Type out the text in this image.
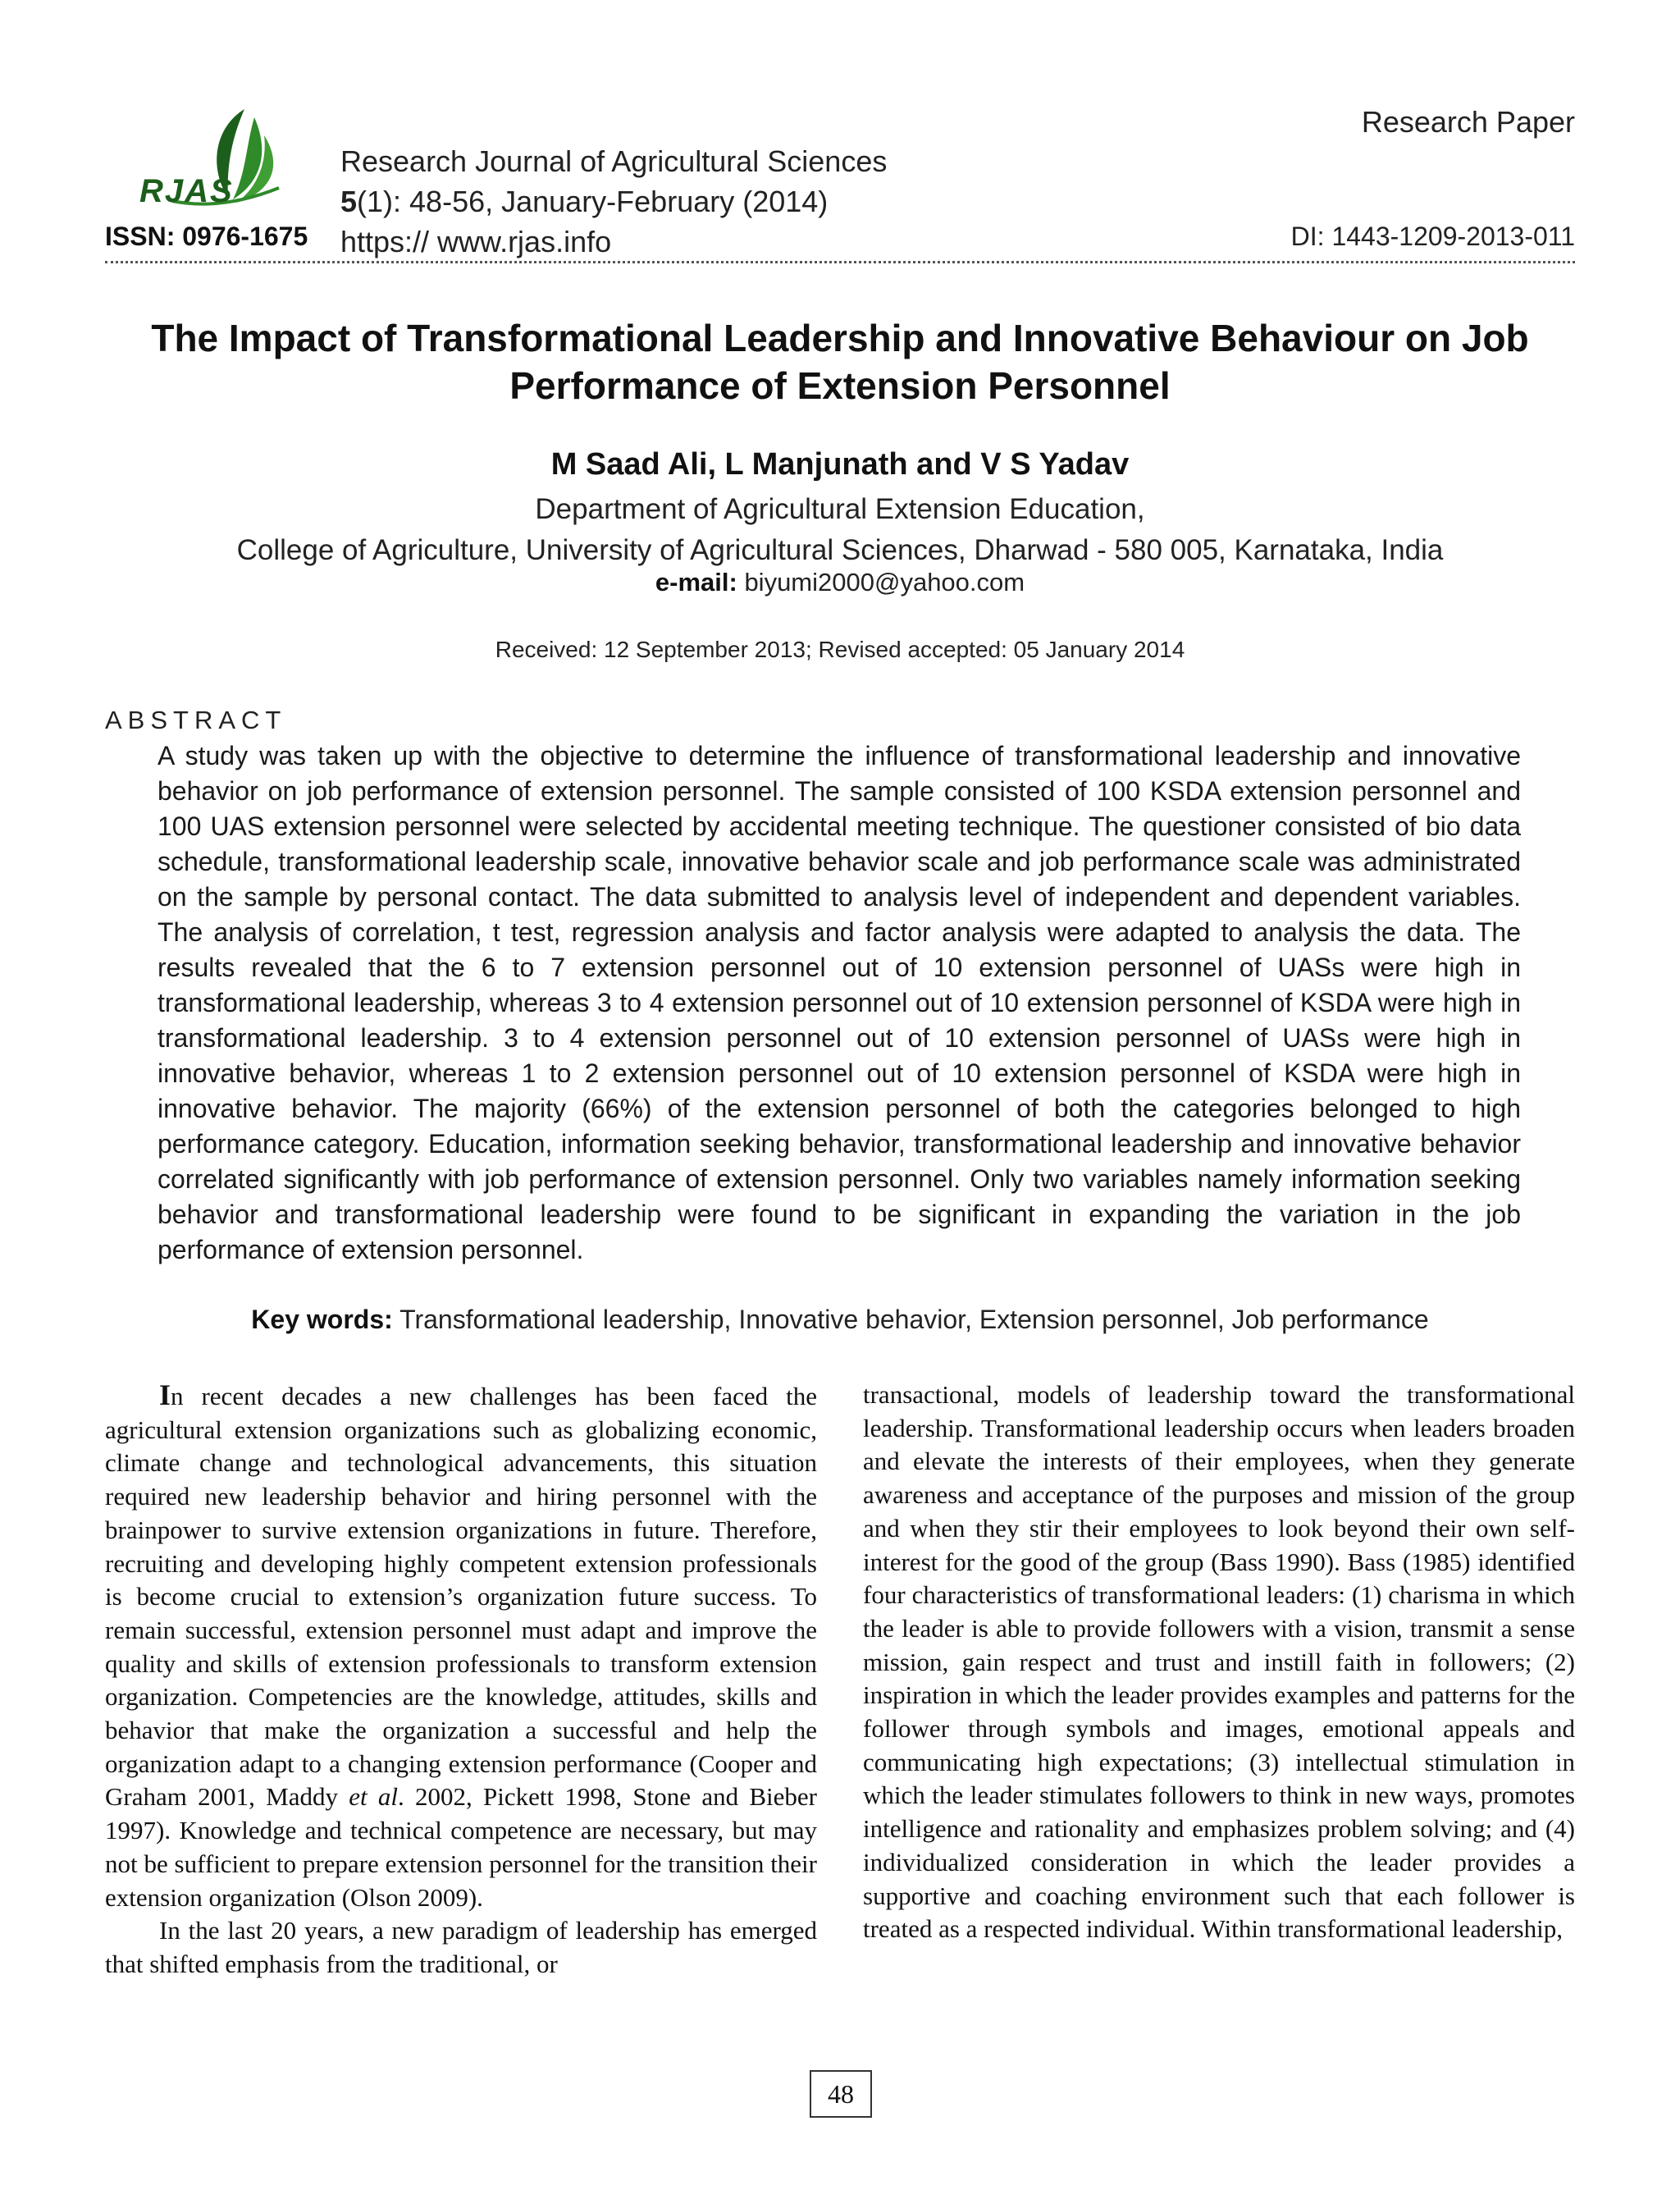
RJAS
Research Paper
Research Journal of Agricultural Sciences
5(1): 48-56, January-February (2014)
https:// www.rjas.info
ISSN: 0976-1675	DI: 1443-1209-2013-011
The Impact of Transformational Leadership and Innovative Behaviour on Job Performance of Extension Personnel
M Saad Ali, L Manjunath and V S Yadav
Department of Agricultural Extension Education,
College of Agriculture, University of Agricultural Sciences, Dharwad - 580 005, Karnataka, India
e-mail: biyumi2000@yahoo.com
Received: 12 September 2013; Revised accepted: 05 January 2014
ABSTRACT
A study was taken up with the objective to determine the influence of transformational leadership and innovative behavior on job performance of extension personnel. The sample consisted of 100 KSDA extension personnel and 100 UAS extension personnel were selected by accidental meeting technique. The questioner consisted of bio data schedule, transformational leadership scale, innovative behavior scale and job performance scale was administrated on the sample by personal contact. The data submitted to analysis level of independent and dependent variables. The analysis of correlation, t test, regression analysis and factor analysis were adapted to analysis the data. The results revealed that the 6 to 7 extension personnel out of 10 extension personnel of UASs were high in transformational leadership, whereas 3 to 4 extension personnel out of 10 extension personnel of KSDA were high in transformational leadership. 3 to 4 extension personnel out of 10 extension personnel of UASs were high in innovative behavior, whereas 1 to 2 extension personnel out of 10 extension personnel of KSDA were high in innovative behavior. The majority (66%) of the extension personnel of both the categories belonged to high performance category. Education, information seeking behavior, transformational leadership and innovative behavior correlated significantly with job performance of extension personnel. Only two variables namely information seeking behavior and transformational leadership were found to be significant in expanding the variation in the job performance of extension personnel.
Key words: Transformational leadership, Innovative behavior, Extension personnel, Job performance

In recent decades a new challenges has been faced the agricultural extension organizations such as globalizing economic, climate change and technological advancements, this situation required new leadership behavior and hiring personnel with the brainpower to survive extension organizations in future. Therefore, recruiting and developing highly competent extension professionals is become crucial to extension’s organization future success. To remain successful, extension personnel must adapt and improve the quality and skills of extension professionals to transform extension organization. Competencies are the knowledge, attitudes, skills and behavior that make the organization a successful and help the organization adapt to a changing extension performance (Cooper and Graham 2001, Maddy et al. 2002, Pickett 1998, Stone and Bieber 1997). Knowledge and technical competence are necessary, but may not be sufficient to prepare extension personnel for the transition their extension organization (Olson 2009).

In the last 20 years, a new paradigm of leadership has emerged that shifted emphasis from the traditional, or

transactional, models of leadership toward the transformational leadership. Transformational leadership occurs when leaders broaden and elevate the interests of their employees, when they generate awareness and acceptance of the purposes and mission of the group and when they stir their employees to look beyond their own self-interest for the good of the group (Bass 1990). Bass (1985) identified four characteristics of transformational leaders: (1) charisma in which the leader is able to provide followers with a vision, transmit a sense mission, gain respect and trust and instill faith in followers; (2) inspiration in which the leader provides examples and patterns for the follower through symbols and images, emotional appeals and communicating high expectations; (3) intellectual stimulation in which the leader stimulates followers to think in new ways, promotes intelligence and rationality and emphasizes problem solving; and (4) individualized consideration in which the leader provides a supportive and coaching environment such that each follower is treated as a respected individual. Within transformational leadership,

48
